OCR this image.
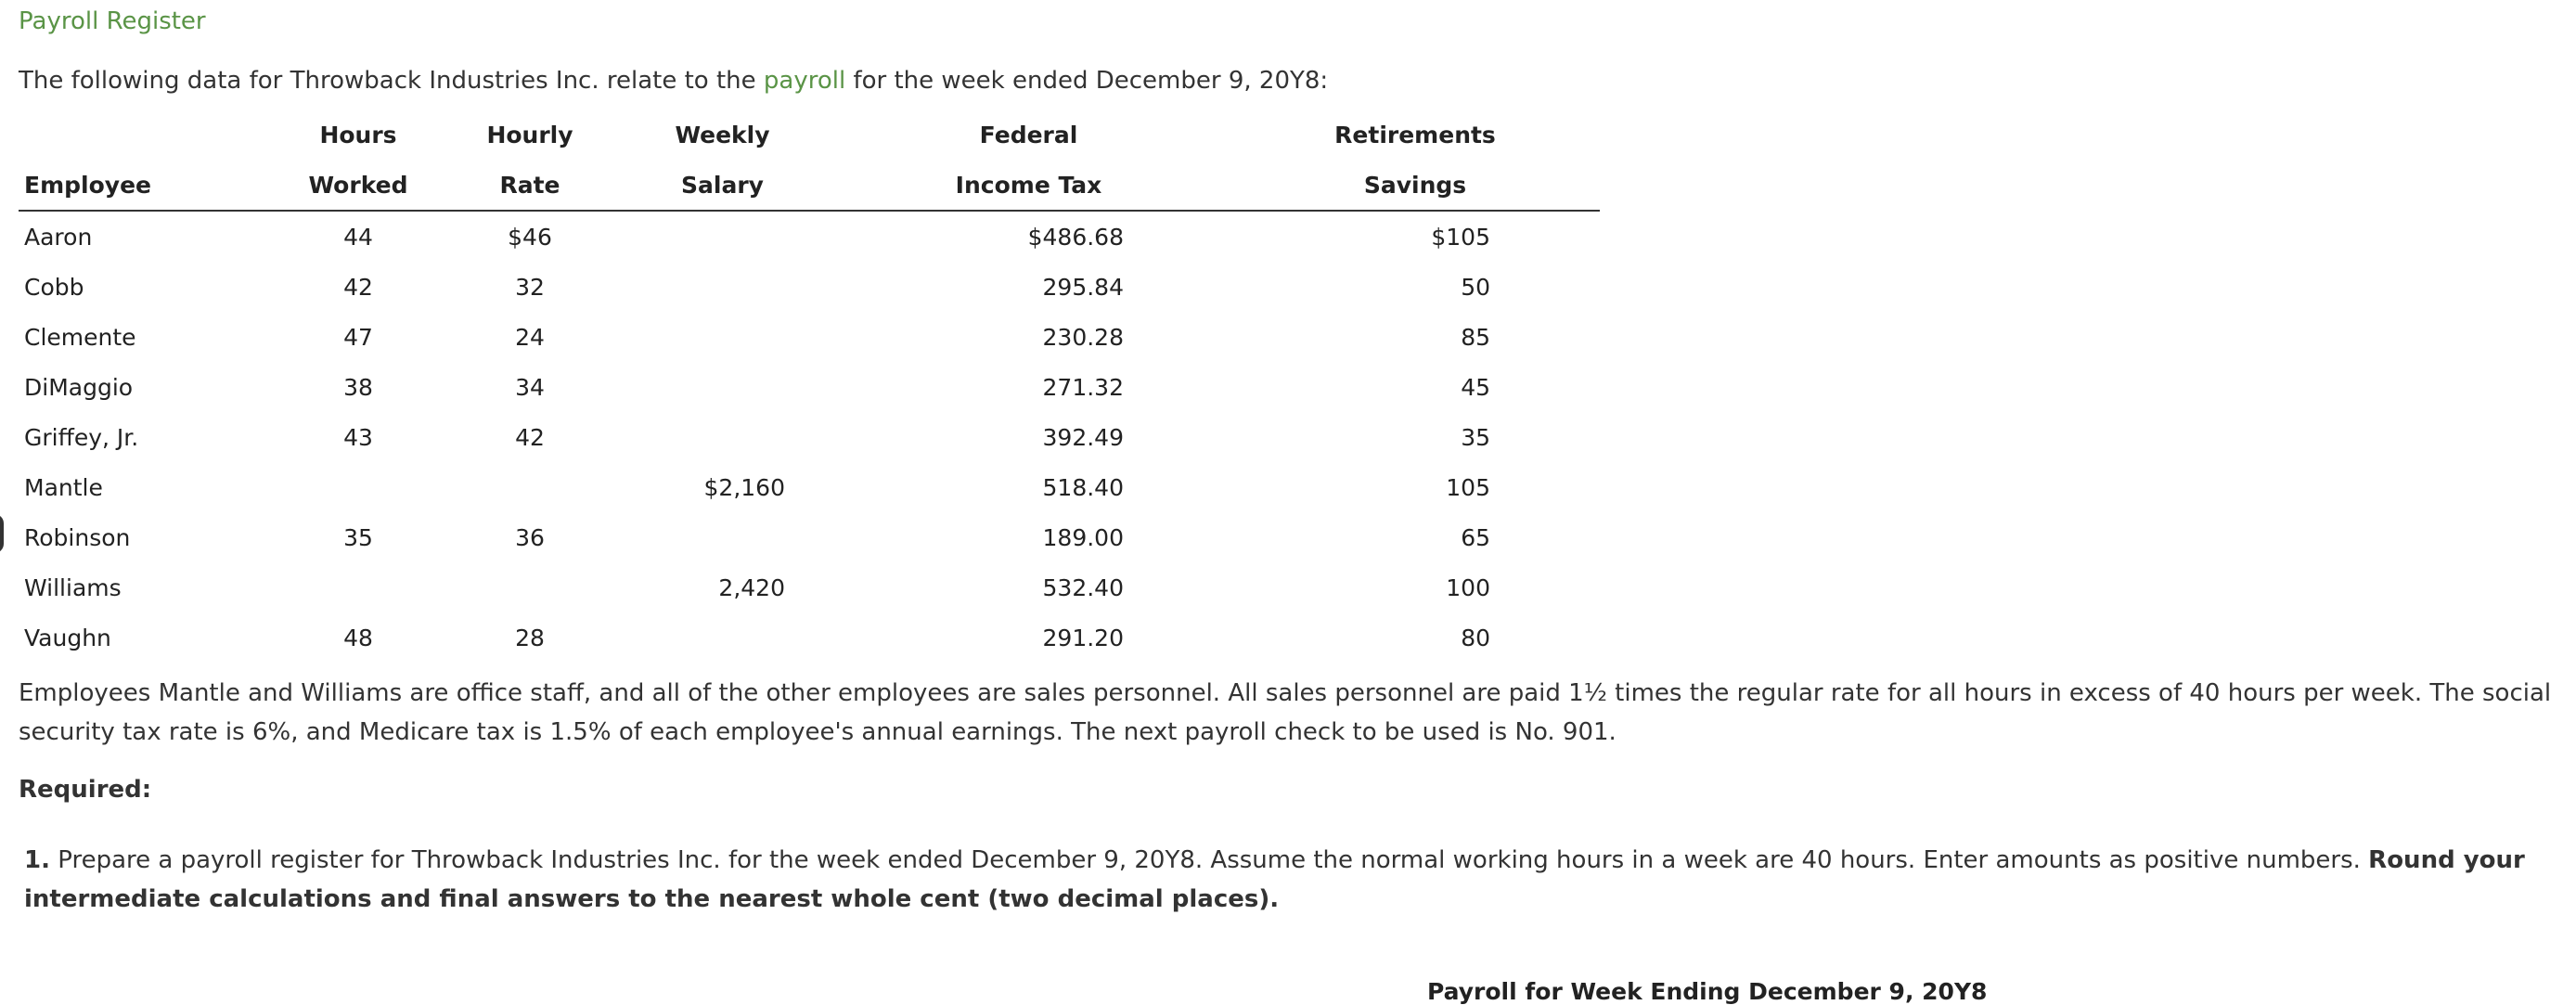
Payroll Register
The following data for Throwback Industries Inc. relate to the payroll for the week ended December 9, 20Y8:
	Hours	Hourly	Weekly	Federal	Retirements
Employee	Worked	Rate	Salary	Income Tax	Savings
Aaron	44	$46		$486.68	$105
Cobb	42	32		295.84	50
Clemente	47	24		230.28	85
DiMaggio	38	34		271.32	45
Griffey, Jr.	43	42		392.49	35
Mantle			$2,160	518.40	105
Robinson	35	36		189.00	65
Williams			2,420	532.40	100
Vaughn	48	28		291.20	80
Employees Mantle and Williams are office staff, and all of the other employees are sales personnel. All sales personnel are paid 1½ times the regular rate for all hours in excess of 40 hours per week. The social security tax rate is 6%, and Medicare tax is 1.5% of each employee's annual earnings. The next payroll check to be used is No. 901.
Required:
1. Prepare a payroll register for Throwback Industries Inc. for the week ended December 9, 20Y8. Assume the normal working hours in a week are 40 hours. Enter amounts as positive numbers. Round your intermediate calculations and final answers to the nearest whole cent (two decimal places).
Payroll for Week Ending December 9, 20Y8
